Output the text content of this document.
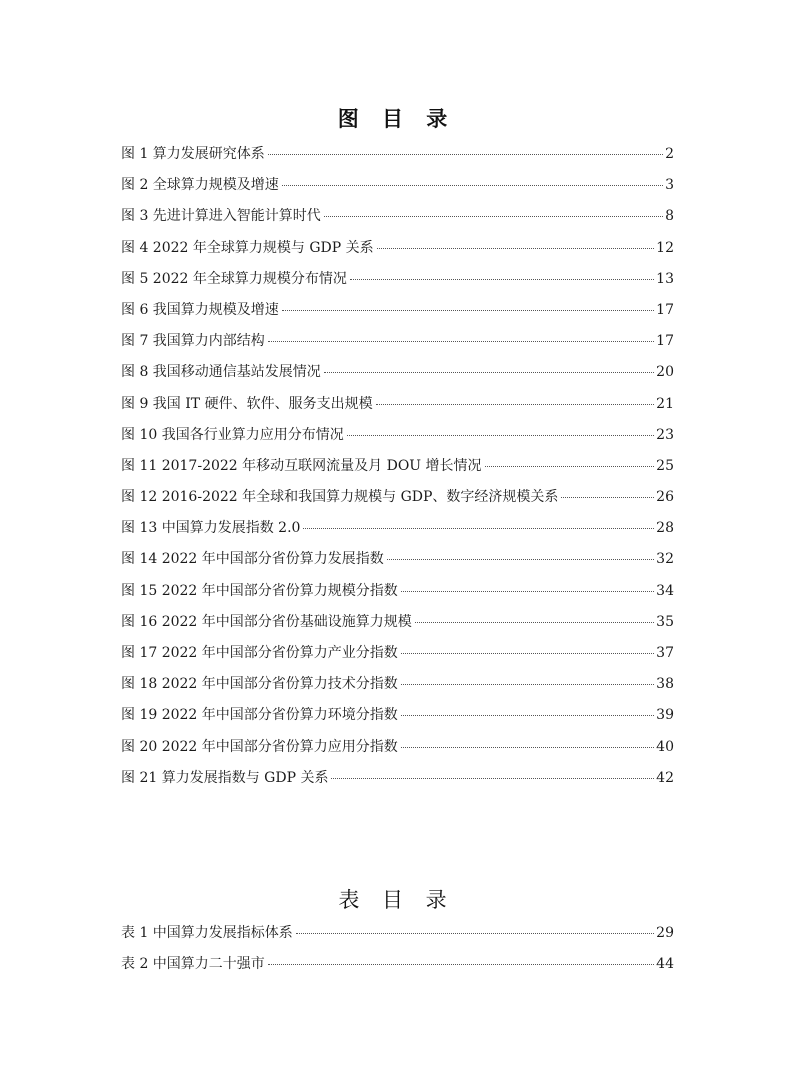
图 目 录
图 1 算力发展研究体系	2
图 2 全球算力规模及增速	3
图 3 先进计算进入智能计算时代	8
图 4 2022 年全球算力规模与 GDP 关系	12
图 5 2022 年全球算力规模分布情况	13
图 6 我国算力规模及增速	17
图 7 我国算力内部结构	17
图 8 我国移动通信基站发展情况	20
图 9 我国 IT 硬件、软件、服务支出规模	21
图 10 我国各行业算力应用分布情况	23
图 11 2017-2022 年移动互联网流量及月 DOU 增长情况	25
图 12 2016-2022 年全球和我国算力规模与 GDP、数字经济规模关系	26
图 13 中国算力发展指数 2.0	28
图 14 2022 年中国部分省份算力发展指数	32
图 15 2022 年中国部分省份算力规模分指数	34
图 16 2022 年中国部分省份基础设施算力规模	35
图 17 2022 年中国部分省份算力产业分指数	37
图 18 2022 年中国部分省份算力技术分指数	38
图 19 2022 年中国部分省份算力环境分指数	39
图 20 2022 年中国部分省份算力应用分指数	40
图 21 算力发展指数与 GDP 关系	42
表 目 录
表 1 中国算力发展指标体系	29
表 2 中国算力二十强市	44
